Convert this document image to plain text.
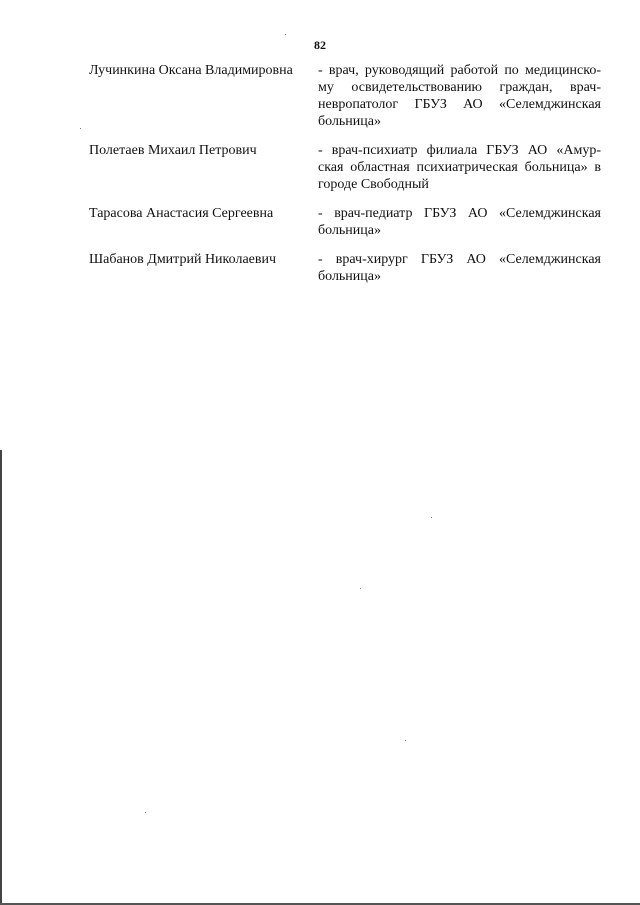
82
Лучинкина Оксана Владимировна	- врач, руководящий работой по медицинско-
му освидетельствованию граждан, врач-
невропатолог ГБУЗ АО «Селемджинская
больница»
Полетаев Михаил Петрович	- врач-психиатр филиала ГБУЗ АО «Амур-
ская областная психиатрическая больница» в
городе Свободный
Тарасова Анастасия Сергеевна	- врач-педиатр ГБУЗ АО «Селемджинская
больница»
Шабанов Дмитрий Николаевич	- врач-хирург ГБУЗ АО «Селемджинская
больница»
